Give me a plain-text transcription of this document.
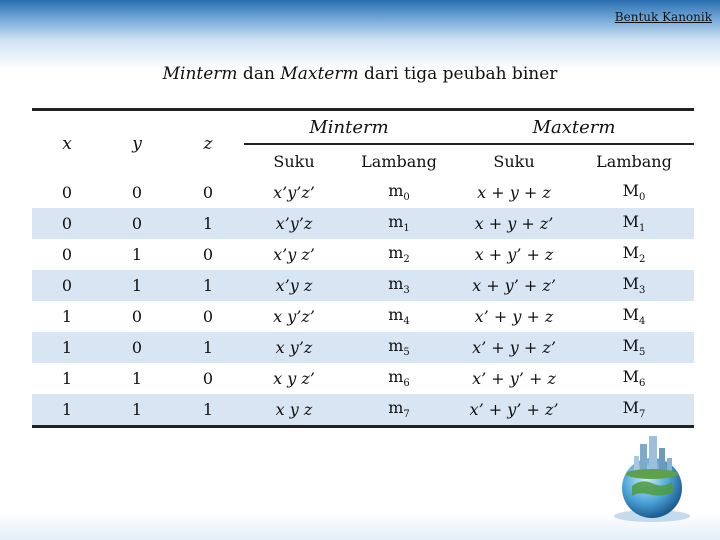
Bentuk Kanonik
Minterm dan Maxterm dari tiga peubah biner
x	y	z	Minterm		Maxterm	
			Suku	Lambang	Suku	Lambang
0	0	0	x’y’z’	$m_0$	x + y + z	$M_0$
0	0	1	x’y’z	$m_1$	x + y + z’	$M_1$
0	1	0	x’y z’	$m_2$	x + y’ + z	$M_2$
0	1	1	x’y z	$m_3$	x + y’ + z’	$M_3$
1	0	0	x y’z’	$m_4$	x’ + y + z	$M_4$
1	0	1	x y’z	$m_5$	x’ + y + z’	$M_5$
1	1	0	x y z’	$m_6$	x’ + y’ + z	$M_6$
1	1	1	x y z	$m_7$	x’ + y’ + z’	$M_7$
